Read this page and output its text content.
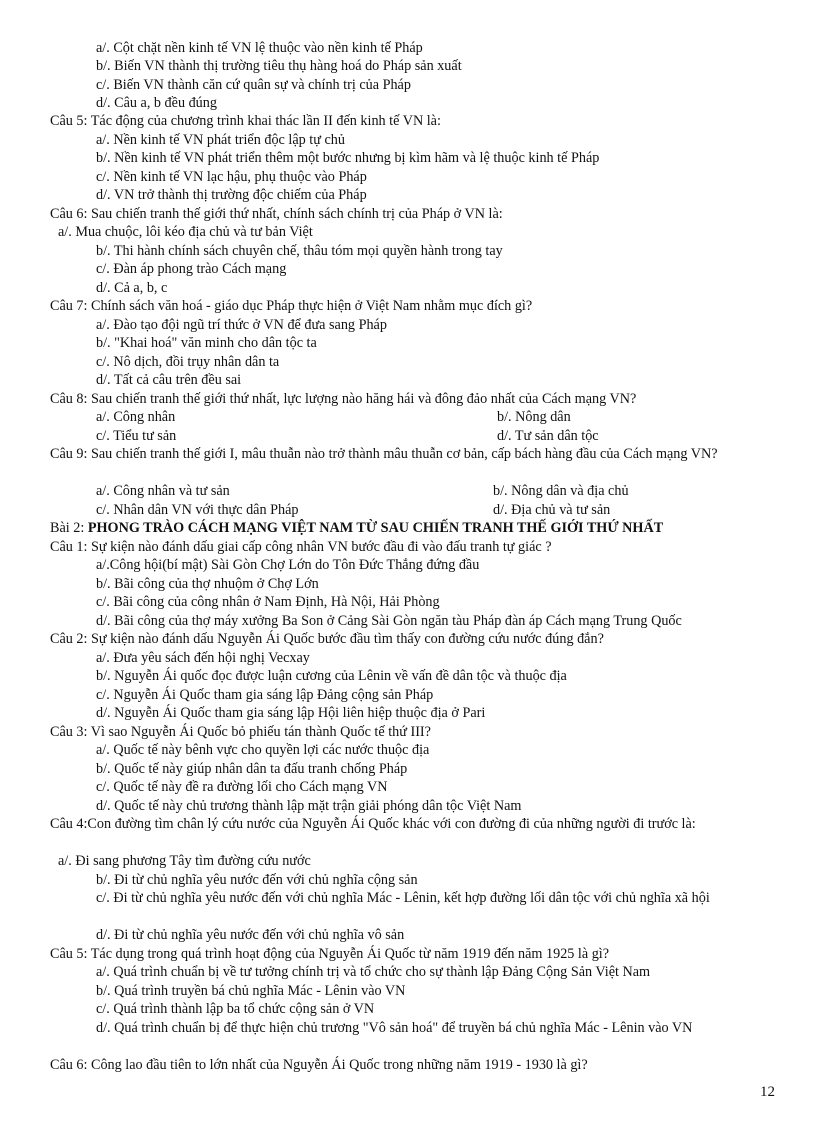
a/. Cột chặt nền kinh tế VN lệ thuộc vào nền kinh tế Pháp
b/. Biến VN thành thị trường tiêu thụ hàng hoá do Pháp sản xuất
c/. Biến VN thành căn cứ quân sự và chính trị của Pháp
d/. Câu a, b đều đúng
Câu 5: Tác động của chương trình khai thác lần II đến kinh tế VN là:
a/. Nền kinh tế VN phát triển độc lập tự chủ
b/. Nền kinh tế VN phát triển thêm một bước nhưng bị kìm hãm và lệ thuộc kinh tế Pháp
c/. Nền kinh tế VN lạc hậu, phụ thuộc vào Pháp
d/. VN trở thành thị trường độc chiếm của Pháp
Câu 6: Sau chiến tranh thế giới thứ nhất, chính sách chính trị của Pháp ở VN là:
a/. Mua chuộc, lôi kéo địa chủ và tư bản Việt
b/. Thi hành chính sách chuyên chế, thâu tóm mọi quyền hành trong tay
c/. Đàn áp phong trào Cách mạng
d/. Cả a, b, c
Câu 7: Chính sách văn hoá - giáo dục Pháp thực hiện ở Việt Nam nhằm mục đích gì?
a/. Đào tạo đội ngũ trí thức ở VN để đưa sang Pháp
b/. "Khai hoá" văn minh cho dân tộc ta
c/. Nô dịch, đồi trụy nhân dân ta
d/. Tất cả câu trên đều sai
Câu 8: Sau chiến tranh thế giới thứ nhất, lực lượng nào hăng hái và đông đảo nhất của Cách mạng VN?
a/. Công nhân	b/. Nông dân
c/. Tiểu tư sản	d/. Tư sản dân tộc
Câu 9: Sau chiến tranh thế giới I, mâu thuẫn nào trở thành mâu thuẫn cơ bản, cấp bách hàng đầu của Cách mạng VN?
a/. Công nhân và tư sản	b/. Nông dân và địa chủ
c/. Nhân dân VN với thực dân Pháp	d/. Địa chủ và tư sản
Bài 2: PHONG TRÀO CÁCH MẠNG VIỆT NAM TỪ SAU CHIẾN TRANH THẾ GIỚI THỨ NHẤT
Câu 1: Sự kiện nào đánh dấu giai cấp công nhân VN bước đầu đi vào đấu tranh tự giác ?
a/.Công hội(bí mật) Sài Gòn Chợ Lớn do Tôn Đức Thắng đứng đầu
b/. Bãi công của thợ nhuộm ở Chợ Lớn
c/. Bãi công của công nhân ở Nam Định, Hà Nội, Hải Phòng
d/. Bãi công của thợ máy xưởng Ba Son ở Cảng Sài Gòn ngăn tàu Pháp đàn áp Cách mạng Trung Quốc
Câu 2: Sự kiện nào đánh dấu Nguyễn Ái Quốc bước đầu tìm thấy con đường cứu nước đúng đắn?
a/. Đưa yêu sách đến hội nghị Vecxay
b/. Nguyễn Ái quốc đọc được luận cương của Lênin về vấn đề dân tộc và thuộc địa
c/. Nguyễn Ái Quốc tham gia sáng lập Đảng cộng sản Pháp
d/. Nguyễn Ái Quốc tham gia sáng lập Hội liên hiệp thuộc địa ở Pari
Câu 3: Vì sao Nguyễn Ái Quốc bỏ phiếu tán thành Quốc tế thứ III?
a/. Quốc tế này bênh vực cho quyền lợi các nước thuộc địa
b/. Quốc tế này giúp nhân dân ta đấu tranh chống Pháp
c/. Quốc tế này đề ra đường lối cho Cách mạng VN
d/. Quốc tế này chủ trương thành lập mặt trận giải phóng dân tộc Việt Nam
Câu 4:Con đường tìm chân lý cứu nước của Nguyễn Ái Quốc khác với con đường đi của những người đi trước là:
a/. Đi sang phương Tây tìm đường cứu nước
b/. Đi từ chủ nghĩa yêu nước đến với chủ nghĩa cộng sản
c/. Đi từ chủ nghĩa yêu nước đến với chủ nghĩa Mác - Lênin, kết hợp đường lối dân tộc với chủ nghĩa xã hội
d/. Đi từ chủ nghĩa yêu nước đến với chủ nghĩa vô sản
Câu 5: Tác dụng trong quá trình hoạt động của Nguyễn Ái Quốc từ năm 1919 đến năm 1925 là gì?
a/. Quá trình chuẩn bị về tư tưởng chính trị và tổ chức cho sự thành lập Đảng Cộng Sản Việt Nam
b/. Quá trình truyền bá chủ nghĩa Mác - Lênin vào VN
c/. Quá trình thành lập ba tổ chức cộng sản ở VN
d/. Quá trình chuẩn bị để thực hiện chủ trương "Vô sản hoá" để truyền bá chủ nghĩa Mác - Lênin vào VN
Câu 6: Công lao đầu tiên to lớn nhất của Nguyễn Ái Quốc trong những năm 1919 - 1930 là gì?
12
